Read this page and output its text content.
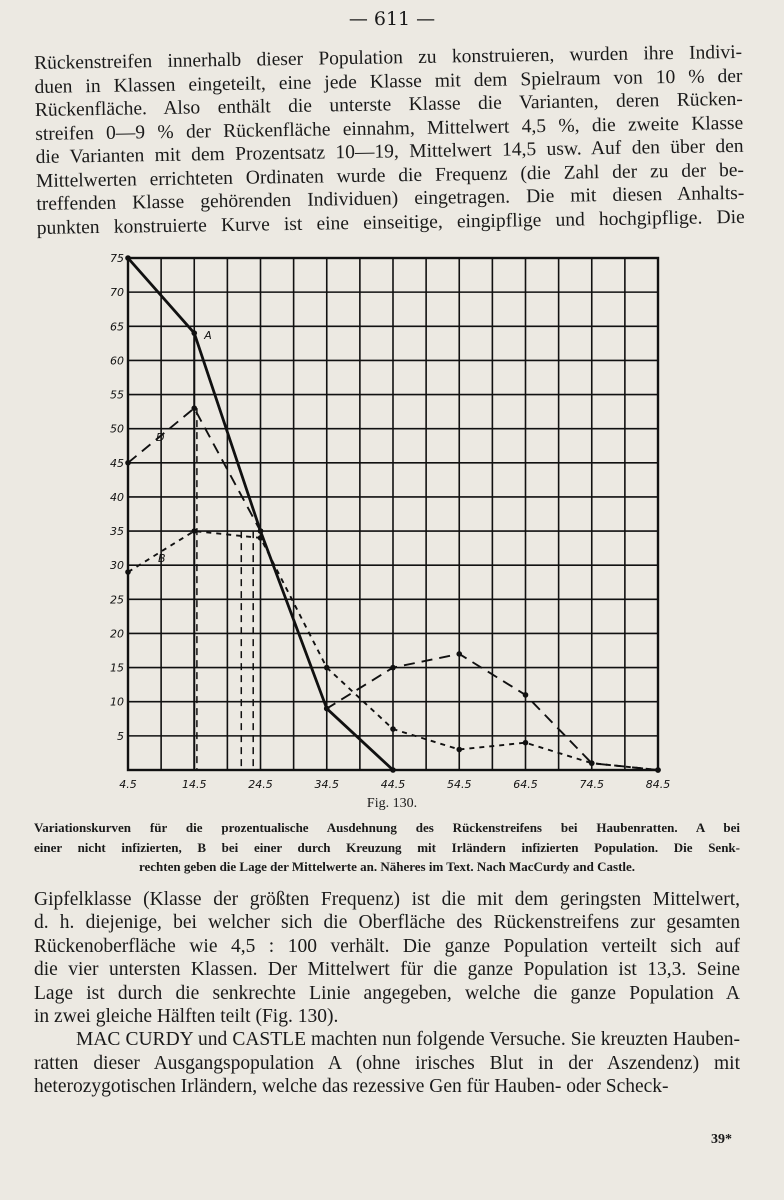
— 611 —

Rückenstreifen innerhalb dieser Population zu konstruieren, wurden ihre Indivi-
duen in Klassen eingeteilt, eine jede Klasse mit dem Spielraum von 10 % der
Rückenfläche. Also enthält die unterste Klasse die Varianten, deren Rücken-
streifen 0—9 % der Rückenfläche einnahm, Mittelwert 4,5 %, die zweite Klasse
die Varianten mit dem Prozentsatz 10—19, Mittelwert 14,5 usw. Auf den über den
Mittelwerten errichteten Ordinaten wurde die Frequenz (die Zahl der zu der be-
treffenden Klasse gehörenden Individuen) eingetragen. Die mit diesen Anhalts-
punkten konstruierte Kurve ist eine einseitige, eingipflige und hochgipflige. Die

A
D
B
5
10
15
20
25
30
35
40
45
50
55
60
65
70
75
4.5	14.5	24.5	34.5	44.5	54.5	64.5	74.5	84.5
Fig. 130.
Variationskurven für die prozentualische Ausdehnung des Rückenstreifens bei Haubenratten. A bei
einer nicht infizierten, B bei einer durch Kreuzung mit Irländern infizierten Population. Die Senk-
rechten geben die Lage der Mittelwerte an. Näheres im Text. Nach MacCurdy and Castle.

Gipfelklasse (Klasse der größten Frequenz) ist die mit dem geringsten Mittelwert,
d. h. diejenige, bei welcher sich die Oberfläche des Rückenstreifens zur gesamten
Rückenoberfläche wie 4,5 : 100 verhält. Die ganze Population verteilt sich auf
die vier untersten Klassen. Der Mittelwert für die ganze Population ist 13,3. Seine
Lage ist durch die senkrechte Linie angegeben, welche die ganze Population A
in zwei gleiche Hälften teilt (Fig. 130).
MAC CURDY und CASTLE machten nun folgende Versuche. Sie kreuzten Hauben-
ratten dieser Ausgangspopulation A (ohne irisches Blut in der Aszendenz) mit
heterozygotischen Irländern, welche das rezessive Gen für Hauben- oder Scheck-

39*
